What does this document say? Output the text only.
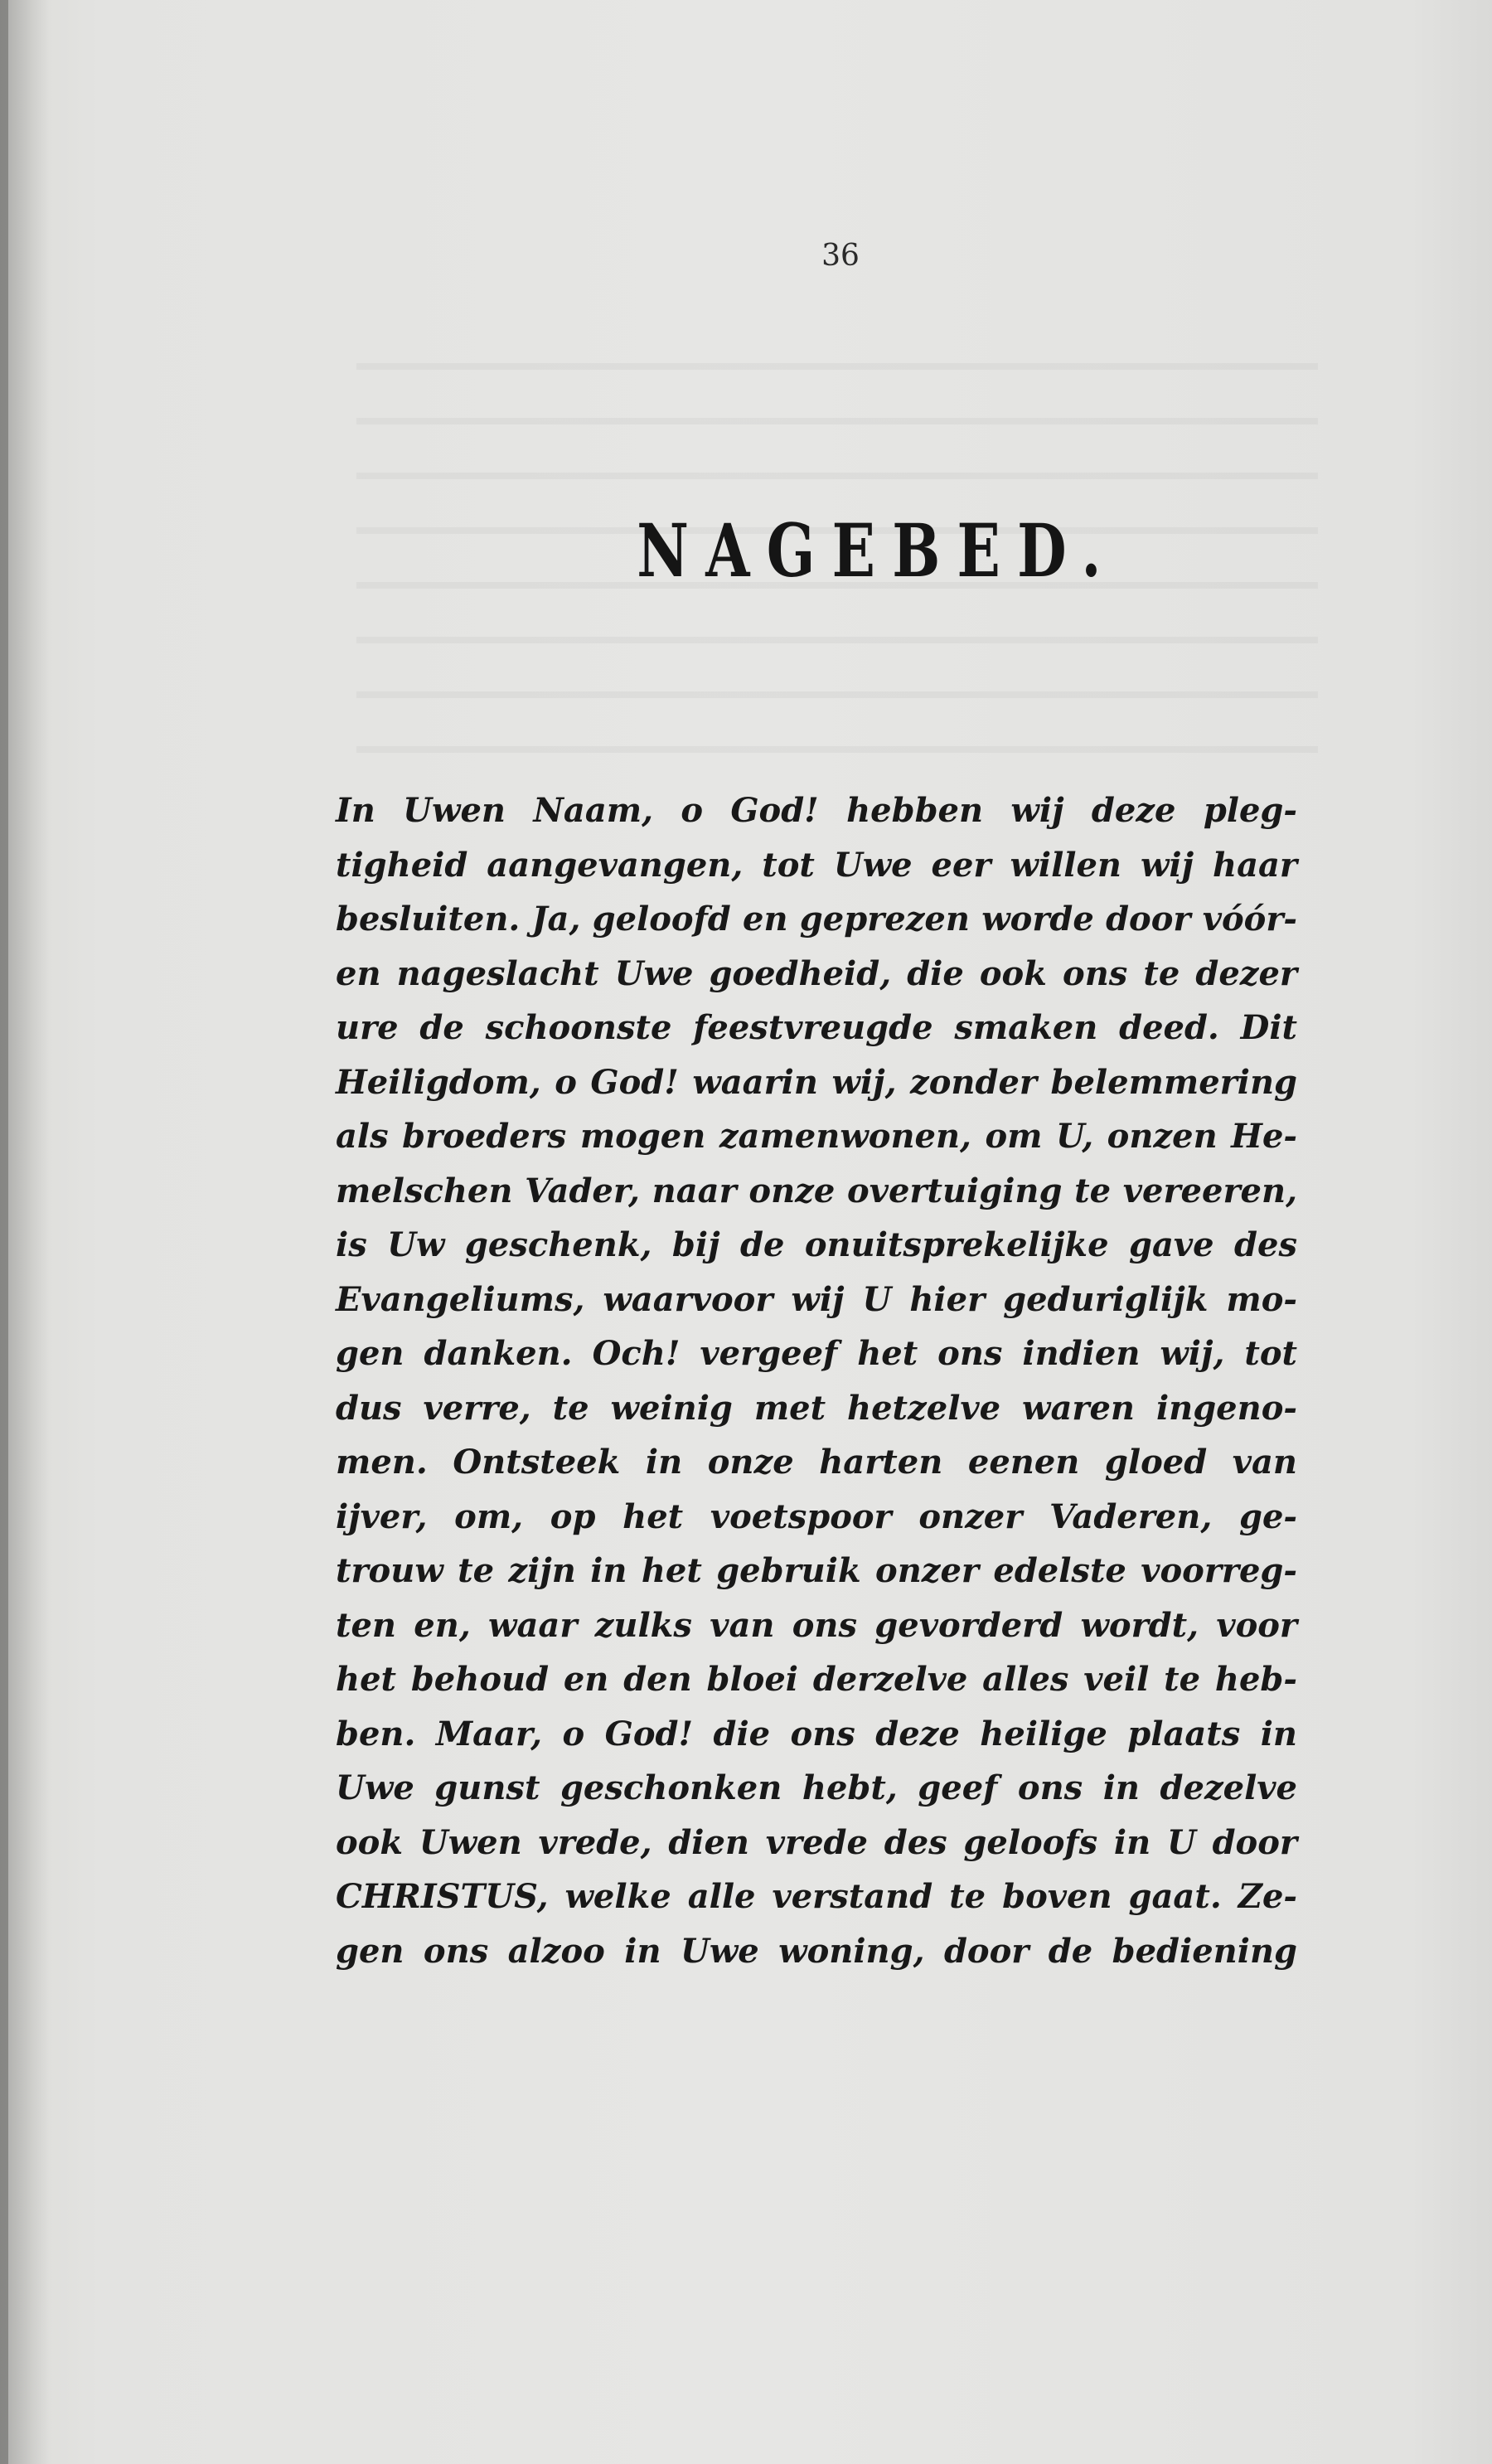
36
NAGEBED.
In Uwen Naam, o God! hebben wij deze pleg-
tigheid aangevangen, tot Uwe eer willen wij haar
besluiten. Ja, geloofd en geprezen worde door vóór-
en nageslacht Uwe goedheid, die ook ons te dezer
ure de schoonste feestvreugde smaken deed. Dit
Heiligdom, o God! waarin wij, zonder belemmering
als broeders mogen zamenwonen, om U, onzen He-
melschen Vader, naar onze overtuiging te vereeren,
is Uw geschenk, bij de onuitsprekelijke gave des
Evangeliums, waarvoor wij U hier geduriglijk mo-
gen danken. Och! vergeef het ons indien wij, tot
dus verre, te weinig met hetzelve waren ingeno-
men. Ontsteek in onze harten eenen gloed van
ijver, om, op het voetspoor onzer Vaderen, ge-
trouw te zijn in het gebruik onzer edelste voorreg-
ten en, waar zulks van ons gevorderd wordt, voor
het behoud en den bloei derzelve alles veil te heb-
ben. Maar, o God! die ons deze heilige plaats in
Uwe gunst geschonken hebt, geef ons in dezelve
ook Uwen vrede, dien vrede des geloofs in U door
CHRISTUS, welke alle verstand te boven gaat. Ze-
gen ons alzoo in Uwe woning, door de bediening
